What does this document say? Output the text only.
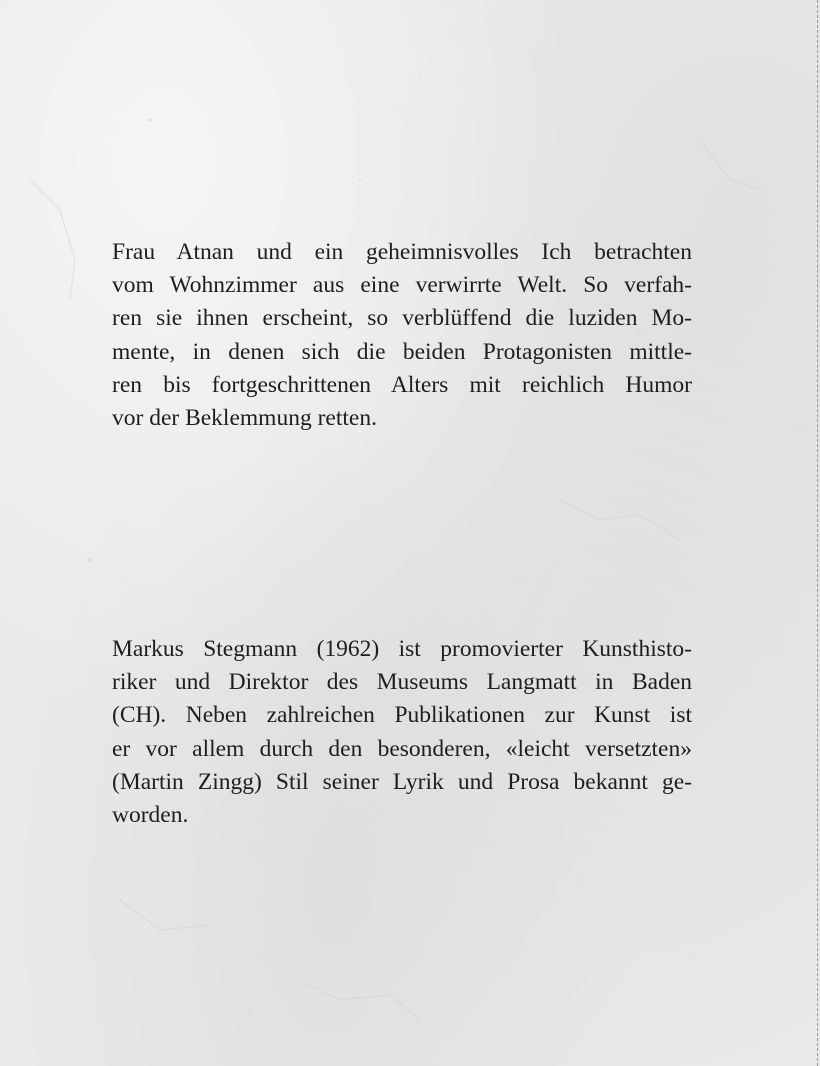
Frau Atnan und ein geheimnisvolles Ich betrachten
vom Wohnzimmer aus eine verwirrte Welt. So verfah-
ren sie ihnen erscheint, so verblüffend die luziden Mo-
mente, in denen sich die beiden Protagonisten mittle-
ren bis fortgeschrittenen Alters mit reichlich Humor
vor der Beklemmung retten.

Markus Stegmann (1962) ist promovierter Kunsthisto-
riker und Direktor des Museums Langmatt in Baden
(CH). Neben zahlreichen Publikationen zur Kunst ist
er vor allem durch den besonderen, «leicht versetzten»
(Martin Zingg) Stil seiner Lyrik und Prosa bekannt ge-
worden.
